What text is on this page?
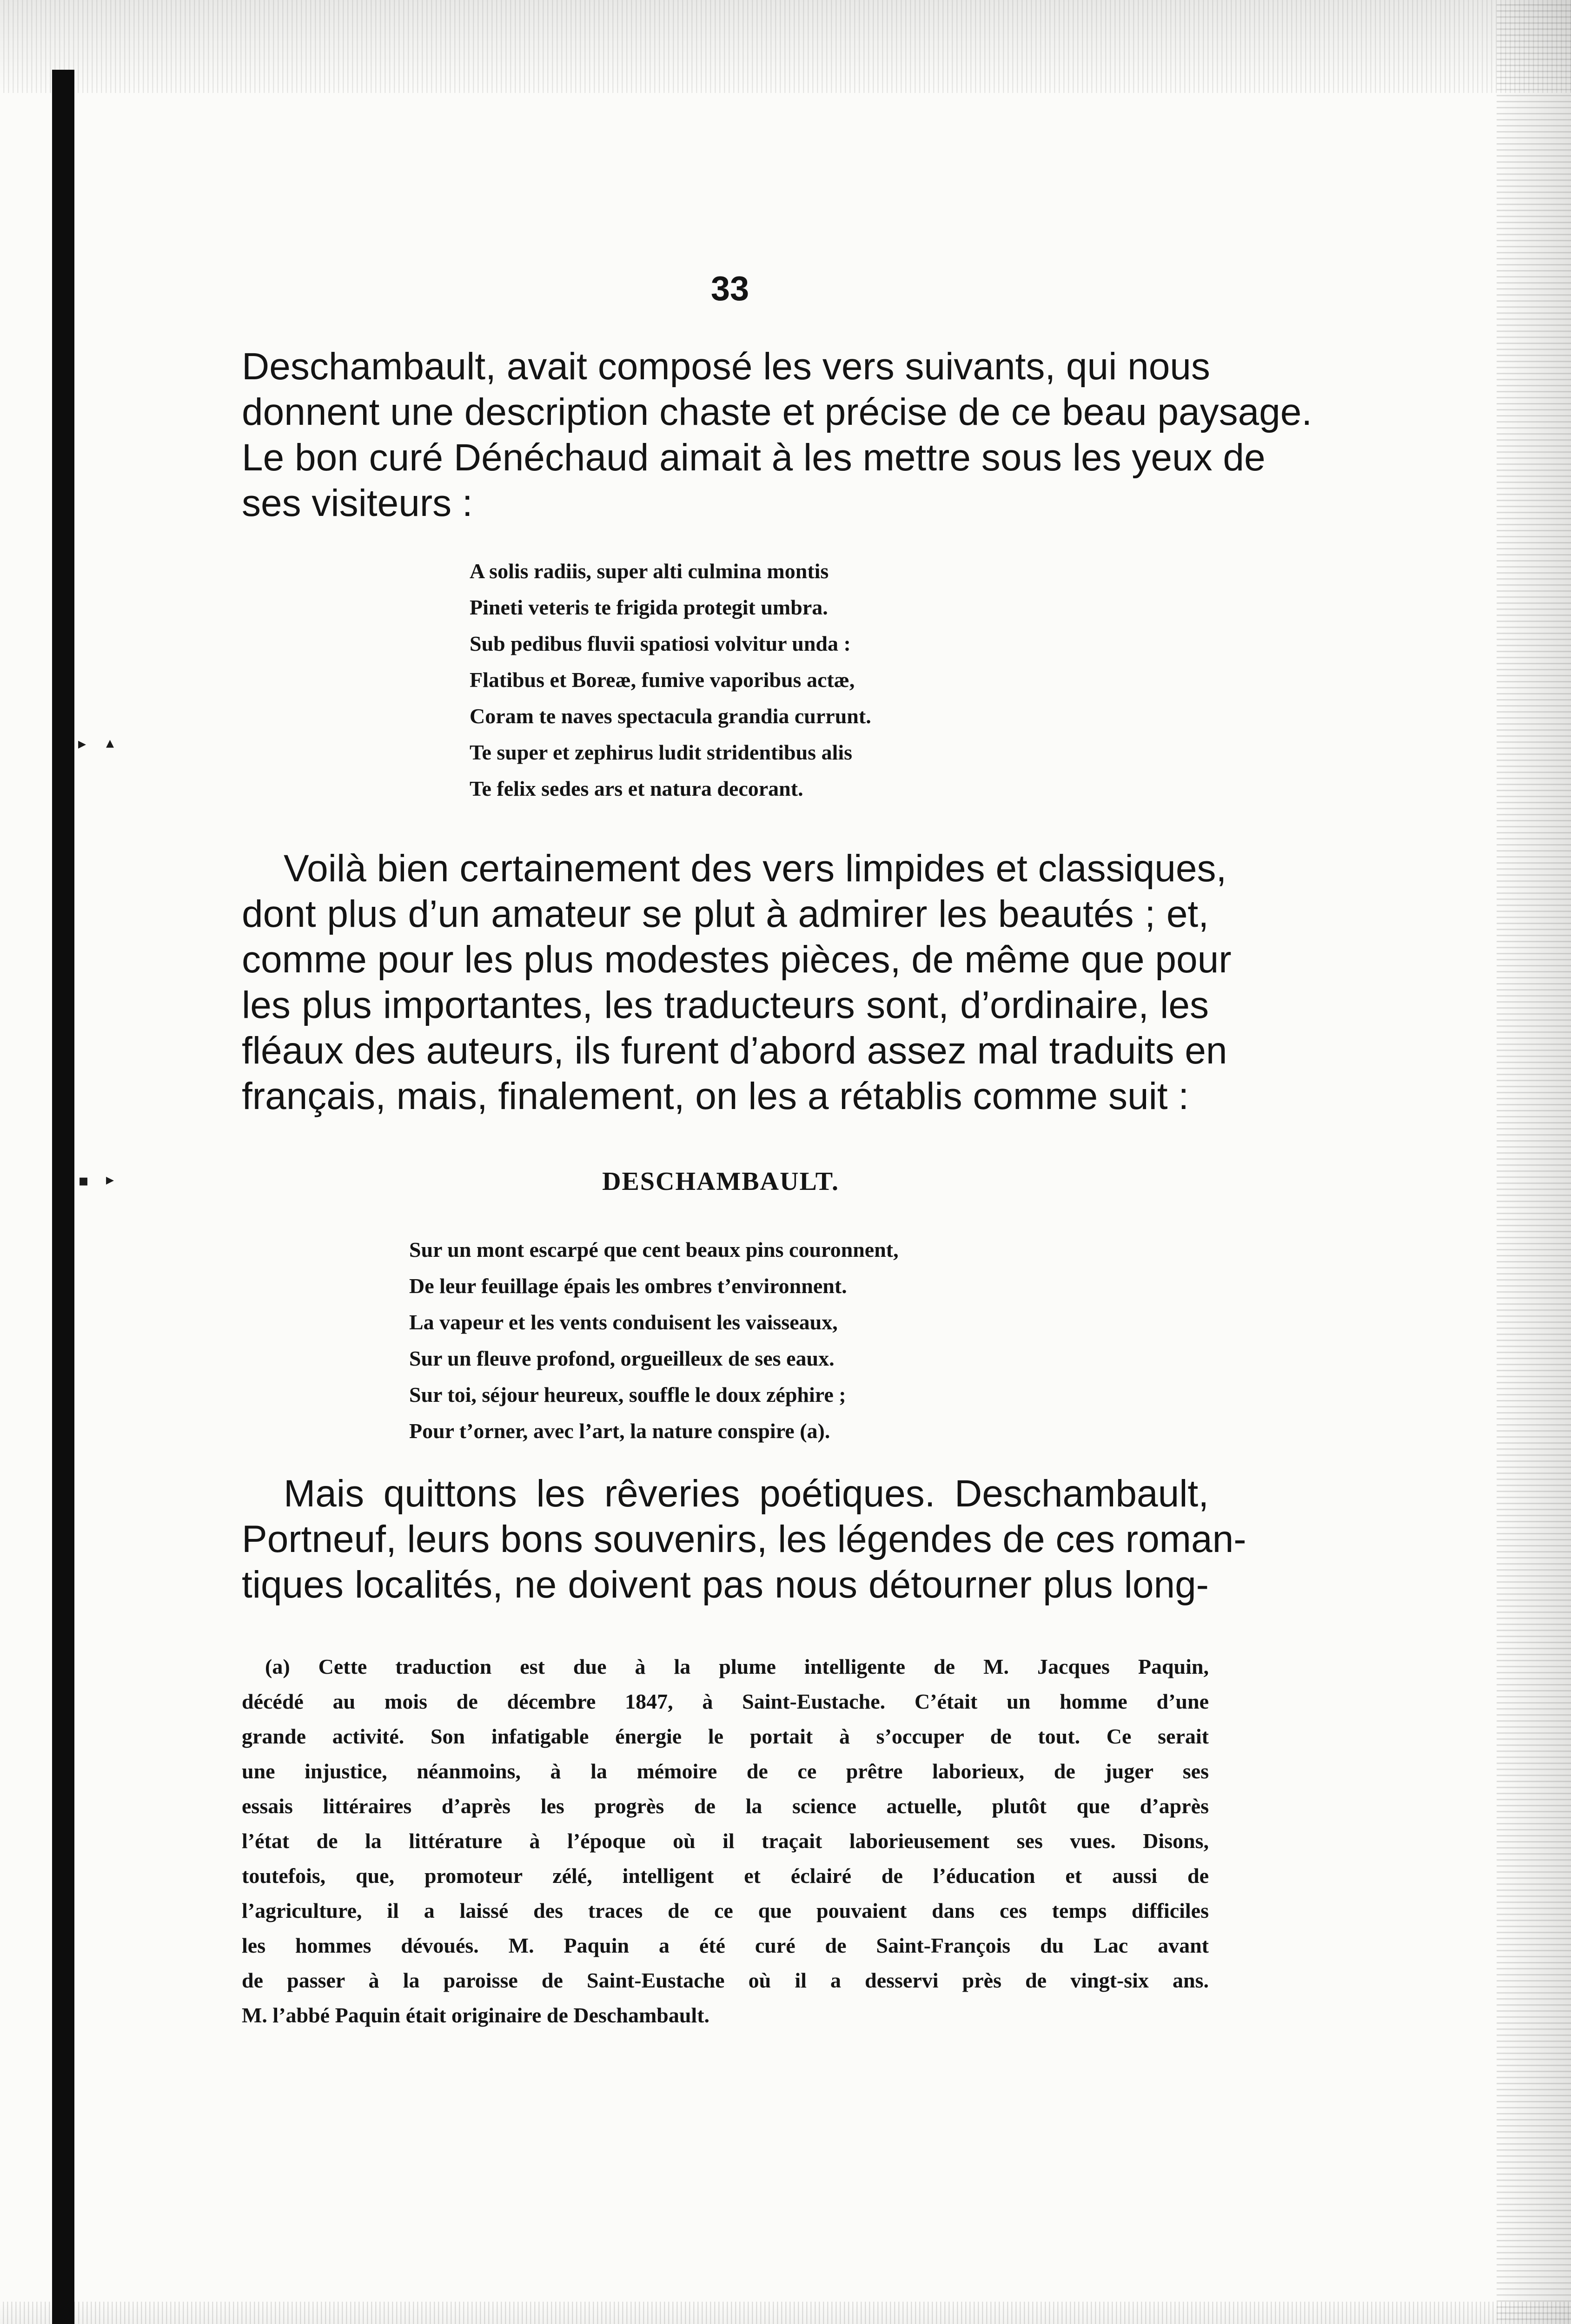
▸ ▴
▪ ▸
33
Deschambault, avait composé les vers suivants, qui nous
donnent une description chaste et précise de ce beau paysage.
Le bon curé Dénéchaud aimait à les mettre sous les yeux de
ses visiteurs :
A solis radiis, super alti culmina montis
Pineti veteris te frigida protegit umbra.
Sub pedibus fluvii spatiosi volvitur unda :
Flatibus et Boreæ, fumive vaporibus actæ,
Coram te naves spectacula grandia currunt.
Te super et zephirus ludit stridentibus alis
Te felix sedes ars et natura decorant.
Voilà bien certainement des vers limpides et classiques,
dont plus d’un amateur se plut à admirer les beautés ; et,
comme pour les plus modestes pièces, de même que pour
les plus importantes, les traducteurs sont, d’ordinaire, les
fléaux des auteurs, ils furent d’abord assez mal traduits en
français, mais, finalement, on les a rétablis comme suit :
DESCHAMBAULT.
Sur un mont escarpé que cent beaux pins couronnent,
De leur feuillage épais les ombres t’environnent.
La vapeur et les vents conduisent les vaisseaux,
Sur un fleuve profond, orgueilleux de ses eaux.
Sur toi, séjour heureux, souffle le doux zéphire ;
Pour t’orner, avec l’art, la nature conspire (a).
Mais quittons les rêveries poétiques. Deschambault,
Portneuf, leurs bons souvenirs, les légendes de ces roman-
tiques localités, ne doivent pas nous détourner plus long-
(a) Cette traduction est due à la plume intelligente de M. Jacques Paquin,
décédé au mois de décembre 1847, à Saint-Eustache. C’était un homme d’une
grande activité. Son infatigable énergie le portait à s’occuper de tout. Ce serait
une injustice, néanmoins, à la mémoire de ce prêtre laborieux, de juger ses
essais littéraires d’après les progrès de la science actuelle, plutôt que d’après
l’état de la littérature à l’époque où il traçait laborieusement ses vues. Disons,
toutefois, que, promoteur zélé, intelligent et éclairé de l’éducation et aussi de
l’agriculture, il a laissé des traces de ce que pouvaient dans ces temps difficiles
les hommes dévoués. M. Paquin a été curé de Saint-François du Lac avant
de passer à la paroisse de Saint-Eustache où il a desservi près de vingt-six ans.
M. l’abbé Paquin était originaire de Deschambault.
